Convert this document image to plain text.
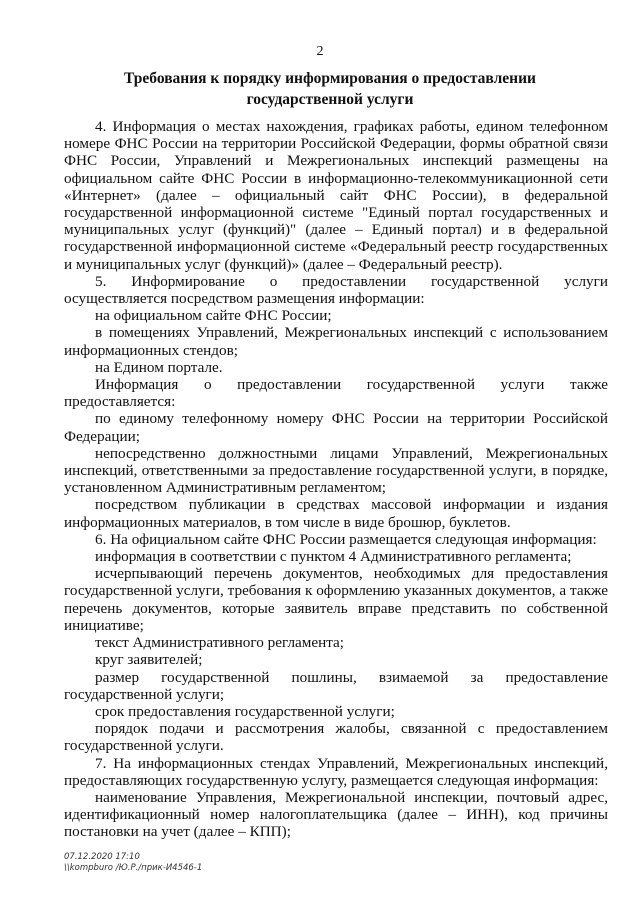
2
Требования к порядку информирования о предоставлении государственной услуги

4. Информация о местах нахождения, графиках работы, едином телефонном номере ФНС России на территории Российской Федерации, формы обратной связи ФНС России, Управлений и Межрегиональных инспекций размещены на официальном сайте ФНС России в информационно-телекоммуникационной сети «Интернет» (далее – официальный сайт ФНС России), в федеральной государственной информационной системе "Единый портал государственных и муниципальных услуг (функций)" (далее – Единый портал) и в федеральной государственной информационной системе «Федеральный реестр государственных и муниципальных услуг (функций)» (далее – Федеральный реестр).

5. Информирование о предоставлении государственной услуги осуществляется посредством размещения информации:

на официальном сайте ФНС России;

в помещениях Управлений, Межрегиональных инспекций с использованием информационных стендов;

на Едином портале.

Информация о предоставлении государственной услуги также предоставляется:

по единому телефонному номеру ФНС России на территории Российской Федерации;

непосредственно должностными лицами Управлений, Межрегиональных инспекций, ответственными за предоставление государственной услуги, в порядке, установленном Административным регламентом;

посредством публикации в средствах массовой информации и издания информационных материалов, в том числе в виде брошюр, буклетов.

6. На официальном сайте ФНС России размещается следующая информация:

информация в соответствии с пунктом 4 Административного регламента;

исчерпывающий перечень документов, необходимых для предоставления государственной услуги, требования к оформлению указанных документов, а также перечень документов, которые заявитель вправе представить по собственной инициативе;

текст Административного регламента;

круг заявителей;

размер государственной пошлины, взимаемой за предоставление государственной услуги;

срок предоставления государственной услуги;

порядок подачи и рассмотрения жалобы, связанной с предоставлением государственной услуги.

7. На информационных стендах Управлений, Межрегиональных инспекций, предоставляющих государственную услугу, размещается следующая информация:

наименование Управления, Межрегиональной инспекции, почтовый адрес, идентификационный номер налогоплательщика (далее – ИНН), код причины постановки на учет (далее – КПП);

07.12.2020 17:10
\\kompburo /Ю.Р./прик-И4546-1
